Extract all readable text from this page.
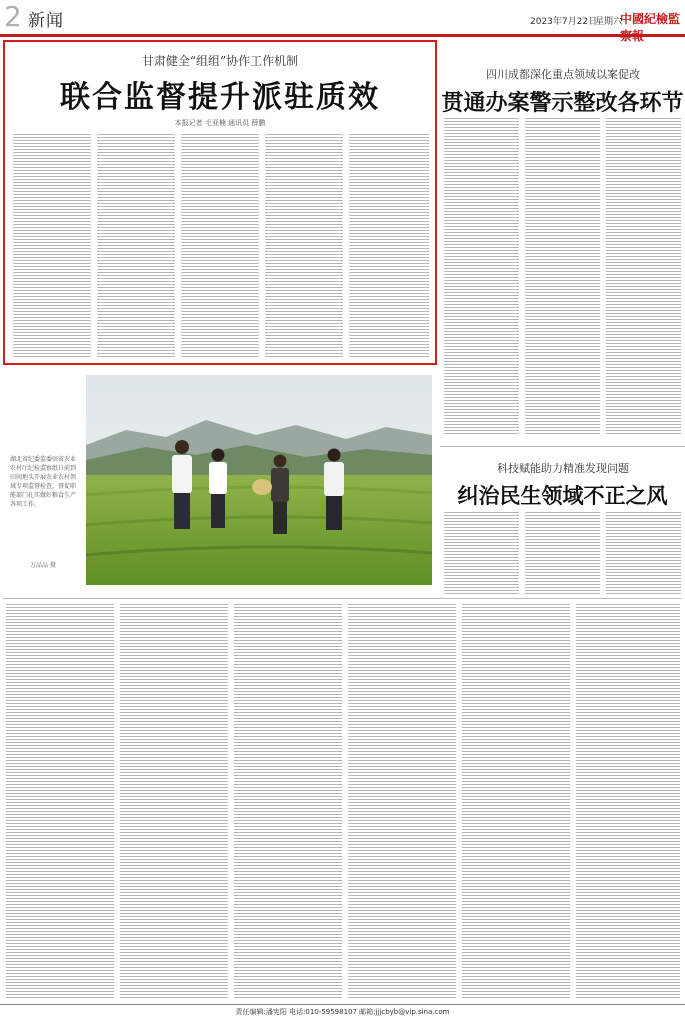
2 新闻	2023年7月22日
星期六
中國紀檢監
甘肃健全“组组”协作工作机制
联合监督提升派驻质效
本报记者 毛亚楠 通讯员 薛鹏
四川成都深化重点领域以案促改
贯通办案警示整改各环节
湖北省纪委监委驻省农业农村厅纪检监察组日前到田间地头开展农业农村领域专项监督检查，督促职能部门扎实做好粮食生产各项工作。
万品品 摄
科技赋能助力精准发现问题
纠治民生领域不正之风
责任编辑:潘宪阳 电话:010-59598107 邮箱:jjjcbyb@vip.sina.com
